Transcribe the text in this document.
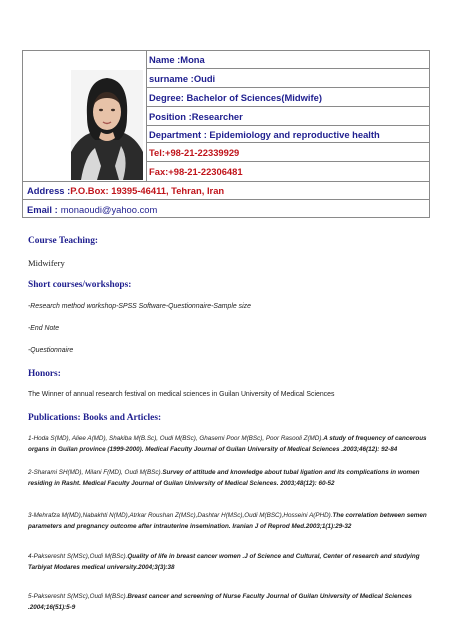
Name : Mona
surname : Oudi
Degree: Bachelor of Sciences(Midwife)
Position :Researcher
Department : Epidemiology and reproductive health
Tel: +98-21-22339929
Fax: +98-21-22306481
Address : P.O.Box: 19395-46411, Tehran, Iran
Email : monaoudi@yahoo.com
Course Teaching:
Midwifery
Short courses/workshops:
-Research method workshop-SPSS Software-Questionnaire-Sample size
-End Note
-Questionnaire
Honors:
The Winner of annual research festival on medical sciences in Guilan University of Medical Sciences
Publications: Books and Articles:
1-Hoda S(MD), Aliee A(MD), Shakiba M(B.Sc), Oudi M(BSc), Ghasemi Poor M(BSc), Poor Rasooli Z(MD).A study of frequency of cancerous organs in Guilan province (1999-2000). Medical Faculty Journal of Guilan University of Medical Sciences .2003;46(12): 92-84
2-Sharami SH(MD), Milani F(MD), Oudi M(BSc).Survey of attitude and knowledge about tubal ligation and its complications in women residing in Rasht. Medical Faculty Journal of Guilan University of Medical Sciences. 2003;48(12): 60-52
3-Mehrafza M(MD),Nabakhti N(MD),Atrkar Roushan Z(MSc),Dashtar H(MSc),Oudi M(BSC),Hosseini A(PHD).The correlation between semen parameters and pregnancy outcome after intrauterine insemination. Iranian J of Reprod Med.2003;1(1):29-32
4-Pakseresht S(MSc),Oudi M(BSc).Quality of life in breast cancer women .J of Science and Cultural, Center of research and studying Tarbiyat Modares medical university.2004;3(3):38
5-Pakseresht S(MSc),Oudi M(BSc).Breast cancer and screening of Nurse Faculty Journal of Guilan University of Medical Sciences .2004;16(51):5-9
